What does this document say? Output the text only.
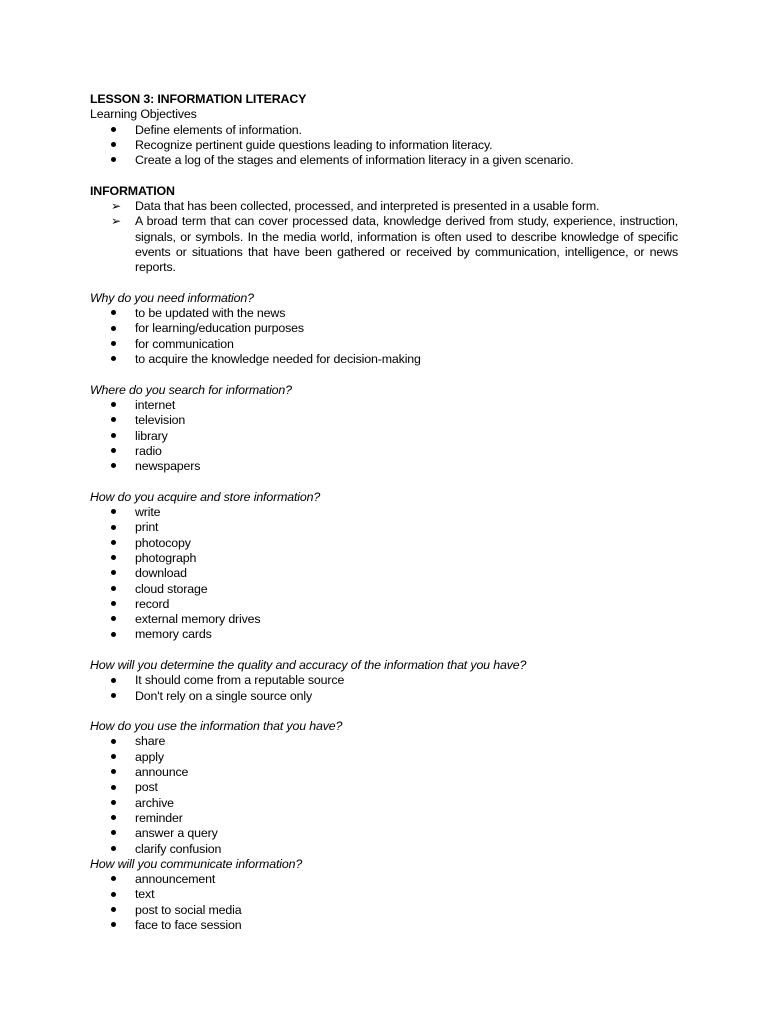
LESSON 3: INFORMATION LITERACY

Learning Objectives

Define elements of information.
Recognize pertinent guide questions leading to information literacy.
Create a log of the stages and elements of information literacy in a given scenario.

INFORMATION

➢	Data that has been collected, processed, and interpreted is presented in a usable form.
➢	A broad term that can cover processed data, knowledge derived from study, experience, instruction, signals, or symbols. In the media world, information is often used to describe knowledge of specific events or situations that have been gathered or received by communication, intelligence, or news reports.

Why do you need information?

to be updated with the news
for learning/education purposes
for communication
to acquire the knowledge needed for decision-making

Where do you search for information?

internet
television
library
radio
newspapers

How do you acquire and store information?

write
print
photocopy
photograph
download
cloud storage
record
external memory drives
memory cards

How will you determine the quality and accuracy of the information that you have?

It should come from a reputable source
Don't rely on a single source only

How do you use the information that you have?

share
apply
announce
post
archive
reminder
answer a query
clarify confusion

How will you communicate information?

announcement
text
post to social media
face to face session
